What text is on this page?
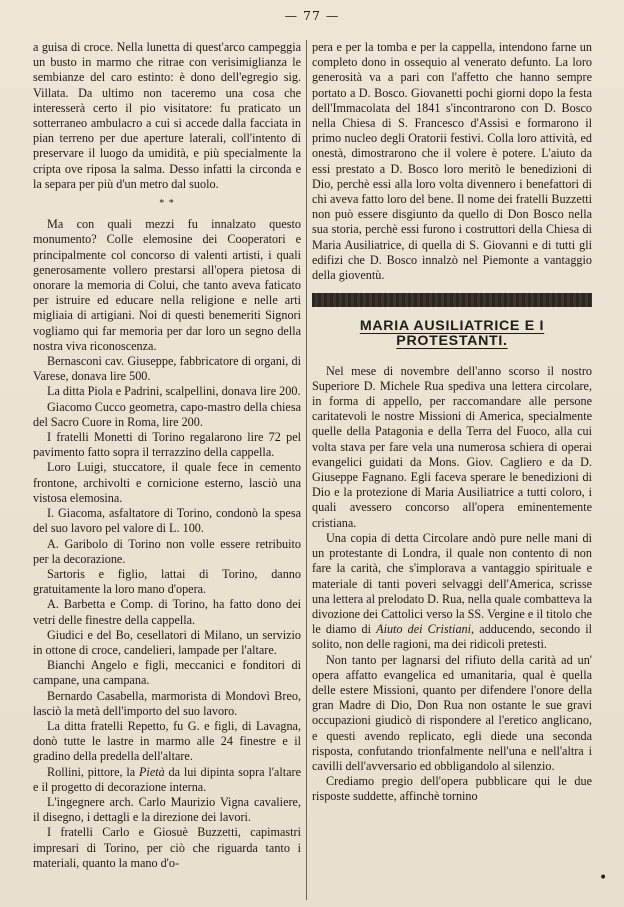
— 77 —

a guisa di croce. Nella lunetta di quest'arco campeggia un busto in marmo che ritrae con verisimiglianza le sembianze del caro estinto: è dono dell'egregio sig. Villata. Da ultimo non taceremo una cosa che interesserà certo il pio visitatore: fu praticato un sotterraneo ambulacro a cui si accede dalla facciata in pian terreno per due aperture laterali, coll'intento di preservare il luogo da umidità, e più specialmente la cripta ove riposa la salma. Desso infatti la circonda e la separa per più d'un metro dal suolo.

* *

Ma con quali mezzi fu innalzato questo monumento? Colle elemosine dei Cooperatori e principalmente col concorso di valenti artisti, i quali generosamente vollero prestarsi all'opera pietosa di onorare la memoria di Colui, che tanto aveva faticato per istruire ed educare nella religione e nelle arti migliaia di artigiani. Noi di questi benemeriti Signori vogliamo qui far memoria per dar loro un segno della nostra viva riconoscenza.

Bernasconi cav. Giuseppe, fabbricatore di organi, di Varese, donava lire 500.

La ditta Piola e Padrini, scalpellini, donava lire 200.

Giacomo Cucco geometra, capo-mastro della chiesa del Sacro Cuore in Roma, lire 200.

I fratelli Monetti di Torino regalarono lire 72 pel pavimento fatto sopra il terrazzino della cappella.

Loro Luigi, stuccatore, il quale fece in cemento frontone, archivolti e cornicione esterno, lasciò una vistosa elemosina.

I. Giacoma, asfaltatore di Torino, condonò la spesa del suo lavoro pel valore di L. 100.

A. Garibolo di Torino non volle essere retribuito per la decorazione.

Sartoris e figlio, lattai di Torino, danno gratuitamente la loro mano d'opera.

A. Barbetta e Comp. di Torino, ha fatto dono dei vetri delle finestre della cappella.

Giudici e del Bo, cesellatori di Milano, un servizio in ottone di croce, candelieri, lampade per l'altare.

Bianchi Angelo e figli, meccanici e fonditori di campane, una campana.

Bernardo Casabella, marmorista di Mondovì Breo, lasciò la metà dell'importo del suo lavoro.

La ditta fratelli Repetto, fu G. e figli, di Lavagna, donò tutte le lastre in marmo alle 24 finestre e il gradino della predella dell'altare.

Rollini, pittore, la Pietà da lui dipinta sopra l'altare e il progetto di decorazione interna.

L'ingegnere arch. Carlo Maurizio Vigna cavaliere, il disegno, i dettagli e la direzione dei lavori.

I fratelli Carlo e Giosuè Buzzetti, capimastri impresari di Torino, per ciò che riguarda tanto i materiali, quanto la mano d'o-

pera e per la tomba e per la cappella, intendono farne un completo dono in ossequio al venerato defunto. La loro generosità va a pari con l'affetto che hanno sempre portato a D. Bosco. Giovanetti pochi giorni dopo la festa dell'Immacolata del 1841 s'incontrarono con D. Bosco nella Chiesa di S. Francesco d'Assisi e formarono il primo nucleo degli Oratorii festivi. Colla loro attività, ed onestà, dimostrarono che il volere è potere. L'aiuto da essi prestato a D. Bosco loro meritò le benedizioni di Dio, perchè essi alla loro volta divennero i benefattori di chi aveva fatto loro del bene. Il nome dei fratelli Buzzetti non può essere disgiunto da quello di Don Bosco nella sua storia, perchè essi furono i costruttori della Chiesa di Maria Ausiliatrice, di quella di S. Giovanni e di tutti gli edifizi che D. Bosco innalzò nel Piemonte a vantaggio della gioventù.

MARIA AUSILIATRICE E I PROTESTANTI.

Nel mese di novembre dell'anno scorso il nostro Superiore D. Michele Rua spediva una lettera circolare, in forma di appello, per raccomandare alle persone caritatevoli le nostre Missioni di America, specialmente quelle della Patagonia e della Terra del Fuoco, alla cui volta stava per fare vela una numerosa schiera di operai evangelici guidati da Mons. Giov. Cagliero e da D. Giuseppe Fagnano. Egli faceva sperare le benedizioni di Dio e la protezione di Maria Ausiliatrice a tutti coloro, i quali avessero concorso all'opera eminentemente cristiana.

Una copia di detta Circolare andò pure nelle mani di un protestante di Londra, il quale non contento di non fare la carità, che s'implorava a vantaggio spirituale e materiale di tanti poveri selvaggi dell'America, scrisse una lettera al prelodato D. Rua, nella quale combatteva la divozione dei Cattolici verso la SS. Vergine e il titolo che le diamo di Aiuto dei Cristiani, adducendo, secondo il solito, non delle ragioni, ma dei ridicoli pretesti.

Non tanto per lagnarsi del rifiuto della carità ad un' opera affatto evangelica ed umanitaria, qual è quella delle estere Missioni, quanto per difendere l'onore della gran Madre di Dio, Don Rua non ostante le sue gravi occupazioni giudicò di rispondere al l'eretico anglicano, e questi avendo replicato, egli diede una seconda risposta, confutando trionfalmente nell'una e nell'altra i cavilli dell'avversario ed obbligandolo al silenzio.

Crediamo pregio dell'opera pubblicare qui le due risposte suddette, affinchè tornino

•
